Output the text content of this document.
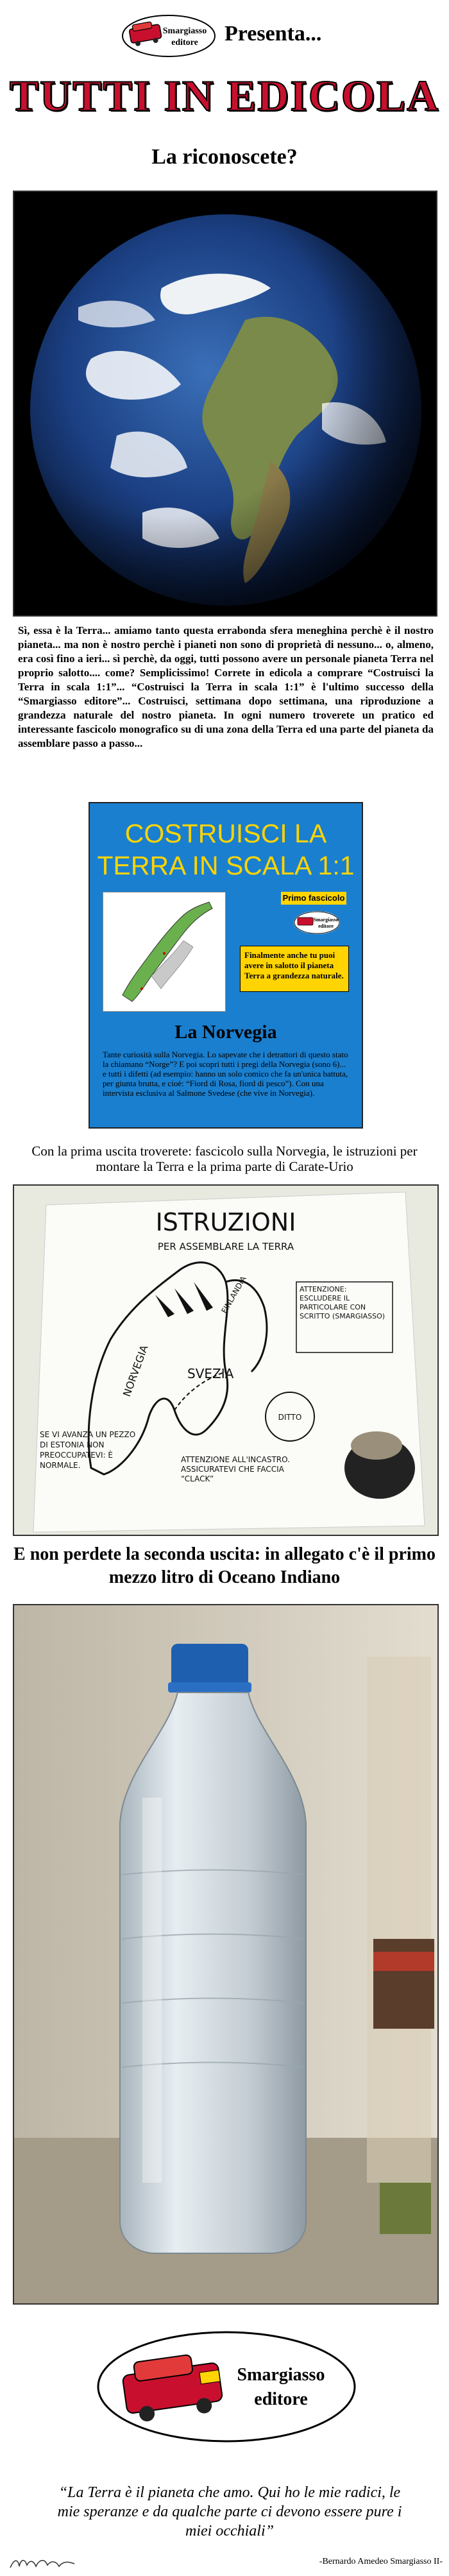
Smargiasso
editore Presenta...
TUTTI IN EDICOLA
La riconoscete?
Sì, essa è la Terra... amiamo tanto questa errabonda sfera meneghina perchè è il nostro pianeta... ma non è nostro perchè i pianeti non sono di proprietà di nessuno... o, almeno, era così fino a ieri... sì perchè, da oggi, tutti possono avere un personale pianeta Terra nel proprio salotto.... come? Semplicissimo! Correte in edicola a comprare “Costruisci la Terra in scala 1:1”... “Costruisci la Terra in scala 1:1” è l'ultimo successo della “Smargiasso editore”... Costruisci, settimana dopo settimana, una riproduzione a grandezza naturale del nostro pianeta. In ogni numero troverete un pratico ed interessante fascicolo monografico su di una zona della Terra ed una parte del pianeta da assemblare passo a passo...
COSTRUISCI LA
TERRA IN SCALA 1:1
Primo fascicolo
Smargiasso
editore
Finalmente anche tu puoi avere in salotto il pianeta Terra a grandezza naturale.
La Norvegia
Tante curiosità sulla Norvegia. Lo sapevate che i detrattori di questo stato la chiamano “Norge”? E poi scopri tutti i pregi della Norvegia (sono 6)... e tutti i difetti (ad esempio: hanno un solo comico che fa un'unica battuta, per giunta brutta, e cioè: “Fiord di Rosa, fiord di pesco”). Con una intervista esclusiva al Salmone Svedese (che vive in Norvegia).
Con la prima uscita troverete: fascicolo sulla Norvegia, le istruzioni per montare la Terra e la prima parte di Carate-Urio
ISTRUZIONI
PER ASSEMBLARE LA TERRA
NORVEGIA	SVEZIA
FINLANDIA	ATTENZIONE: ESCLUDERE IL PARTICOLARE CON SCRITTO (SMARGIASSO)
SE VI AVANZA UN PEZZO DI ESTONIA NON PREOCCUPATEVI: È NORMALE.
DITTO
ATTENZIONE ALL'INCASTRO. ASSICURATEVI CHE FACCIA “CLACK”
E non perdete la seconda uscita: in allegato c'è il primo mezzo litro di Oceano Indiano
Smargiasso
editore
“La Terra è il pianeta che amo. Qui ho le mie radici, le mie speranze e da qualche parte ci devono essere pure i miei occhiali”
-Bernardo Amedeo Smargiasso II-
